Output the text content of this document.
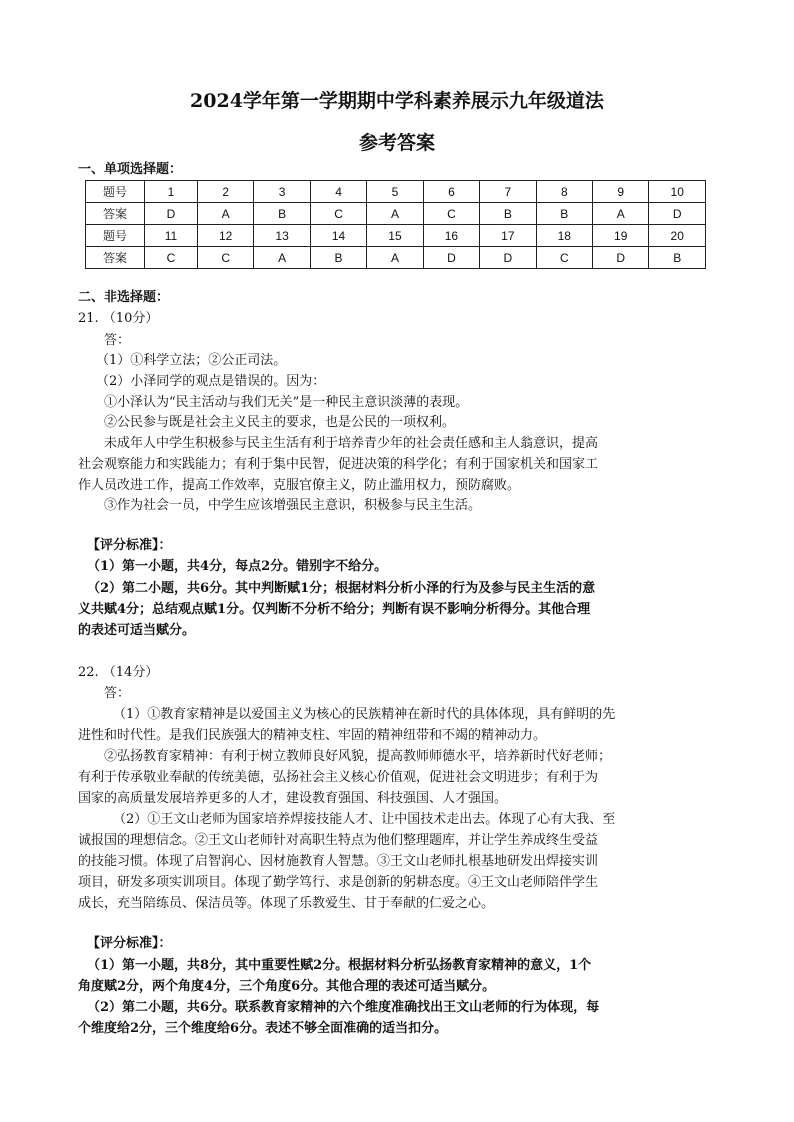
2024学年第一学期期中学科素养展示九年级道法
参考答案
一、单项选择题：
题号	1	2	3	4	5	6	7	8	9	10
答案	D	A	B	C	A	C	B	B	A	D
题号	11	12	13	14	15	16	17	18	19	20
答案	C	C	A	B	A	D	D	C	D	B
二、非选择题：
21. （10分）
答：
（1）①科学立法；②公正司法。
（2）小泽同学的观点是错误的。因为：
①小泽认为“民主活动与我们无关”是一种民主意识淡薄的表现。
②公民参与既是社会主义民主的要求，也是公民的一项权利。
未成年人中学生积极参与民主生活有利于培养青少年的社会责任感和主人翁意识，提高
社会观察能力和实践能力；有利于集中民智，促进决策的科学化；有利于国家机关和国家工
作人员改进工作，提高工作效率，克服官僚主义，防止滥用权力，预防腐败。
③作为社会一员，中学生应该增强民主意识，积极参与民主生活。
【评分标准】：
（1）第一小题，共4分，每点2分。错别字不给分。
（2）第二小题，共6分。其中判断赋1分；根据材料分析小泽的行为及参与民主生活的意
义共赋4分；总结观点赋1分。仅判断不分析不给分；判断有误不影响分析得分。其他合理
的表述可适当赋分。
22. （14分）
答：
（1）①教育家精神是以爱国主义为核心的民族精神在新时代的具体体现，具有鲜明的先
进性和时代性。是我们民族强大的精神支柱、牢固的精神纽带和不竭的精神动力。
②弘扬教育家精神：有利于树立教师良好风貌，提高教师师德水平，培养新时代好老师；
有利于传承敬业奉献的传统美德，弘扬社会主义核心价值观，促进社会文明进步；有利于为
国家的高质量发展培养更多的人才，建设教育强国、科技强国、人才强国。
（2）①王文山老师为国家培养焊接技能人才、让中国技术走出去。体现了心有大我、至
诚报国的理想信念。②王文山老师针对高职生特点为他们整理题库，并让学生养成终生受益
的技能习惯。体现了启智润心、因材施教育人智慧。③王文山老师扎根基地研发出焊接实训
项目，研发多项实训项目。体现了勤学笃行、求是创新的躬耕态度。④王文山老师陪伴学生
成长，充当陪练员、保洁员等。体现了乐教爱生、甘于奉献的仁爱之心。
【评分标准】：
（1）第一小题，共8分，其中重要性赋2分。根据材料分析弘扬教育家精神的意义，1个
角度赋2分，两个角度4分，三个角度6分。其他合理的表述可适当赋分。
（2）第二小题，共6分。联系教育家精神的六个维度准确找出王文山老师的行为体现，每
个维度给2分，三个维度给6分。表述不够全面准确的适当扣分。
